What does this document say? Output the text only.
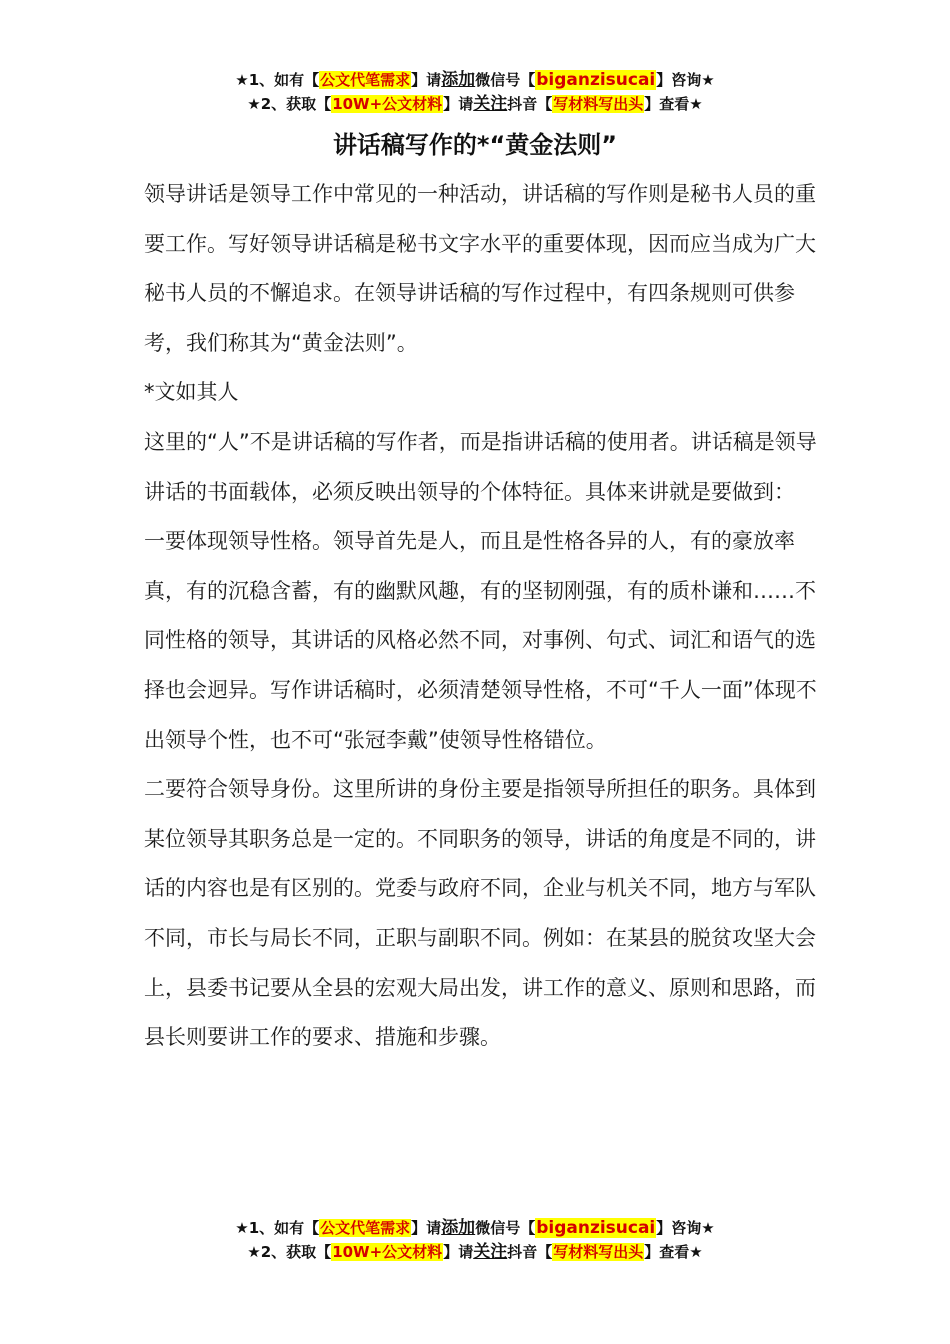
★1、如有【公文代笔需求】请添加微信号【biganzisucai】咨询★
★2、获取【10W+公文材料】请关注抖音【写材料写出头】查看★
讲话稿写作的*“黄金法则”

领导讲话是领导工作中常见的一种活动，讲话稿的写作则是秘书人员的重要工作。写好领导讲话稿是秘书文字水平的重要体现，因而应当成为广大秘书人员的不懈追求。在领导讲话稿的写作过程中，有四条规则可供参考，我们称其为“黄金法则”。

*文如其人

这里的“人”不是讲话稿的写作者，而是指讲话稿的使用者。讲话稿是领导讲话的书面载体，必须反映出领导的个体特征。具体来讲就是要做到：

一要体现领导性格。领导首先是人，而且是性格各异的人，有的豪放率真，有的沉稳含蓄，有的幽默风趣，有的坚韧刚强，有的质朴谦和……不同性格的领导，其讲话的风格必然不同，对事例、句式、词汇和语气的选择也会迥异。写作讲话稿时，必须清楚领导性格，不可“千人一面”体现不出领导个性，也不可“张冠李戴”使领导性格错位。

二要符合领导身份。这里所讲的身份主要是指领导所担任的职务。具体到某位领导其职务总是一定的。不同职务的领导，讲话的角度是不同的，讲话的内容也是有区别的。党委与政府不同，企业与机关不同，地方与军队不同，市长与局长不同，正职与副职不同。例如：在某县的脱贫攻坚大会上，县委书记要从全县的宏观大局出发，讲工作的意义、原则和思路，而县长则要讲工作的要求、措施和步骤。

★1、如有【公文代笔需求】请添加微信号【biganzisucai】咨询★
★2、获取【10W+公文材料】请关注抖音【写材料写出头】查看★
